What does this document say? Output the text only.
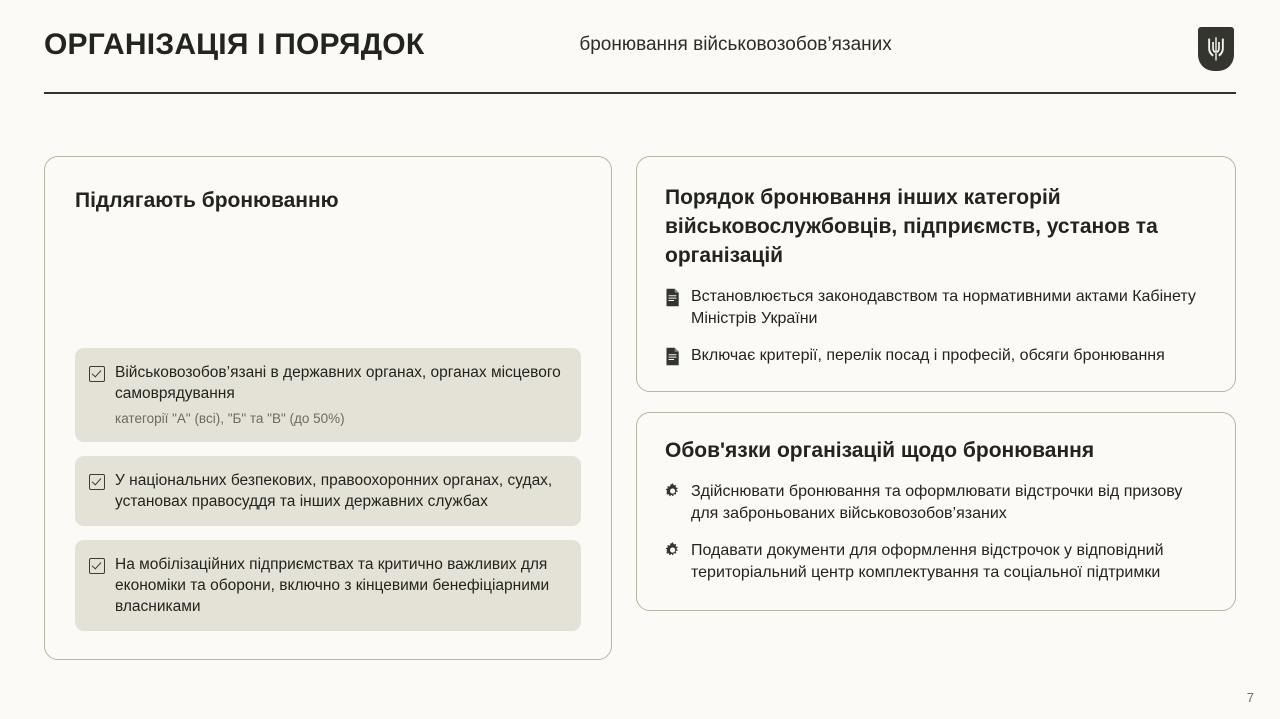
ОРГАНІЗАЦІЯ І ПОРЯДОК	бронювання військовозобов’язаних
Підлягають бронюванню
Військовозобов’язані в державних органах, органах місцевого самоврядування
категорії "А" (всі), "Б" та "В" (до 50%)
У національних безпекових, правоохоронних органах, судах, установах правосуддя та інших державних службах
На мобілізаційних підприємствах та критично важливих для економіки та оборони, включно з кінцевими бенефіціарними власниками
Порядок бронювання інших категорій військовослужбовців, підприємств, установ та організацій
Встановлюється законодавством та нормативними актами Кабінету Міністрів України
Включає критерії, перелік посад і професій, обсяги бронювання
Обов'язки організацій щодо бронювання
Здійснювати бронювання та оформлювати відстрочки від призову для заброньованих військовозобов’язаних
Подавати документи для оформлення відстрочок у відповідний територіальний центр комплектування та соціальної підтримки
7
